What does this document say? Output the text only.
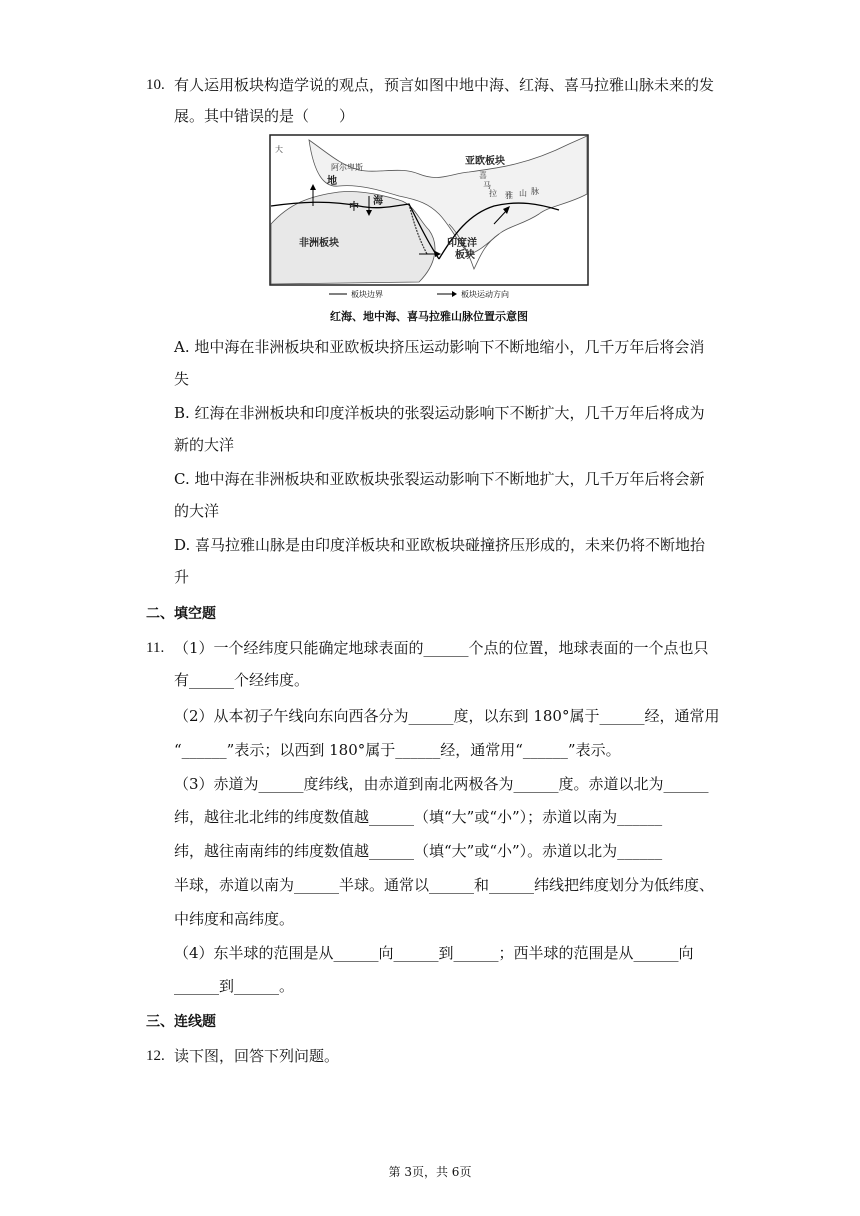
10. 有人运用板块构造学说的观点，预言如图中地中海、红海、喜马拉雅山脉未来的发
展。其中错误的是（　　）
亚欧板块
非洲板块	印度洋
板块
阿尔卑斯
地
中
海
喜
马
拉 雅 山 脉
大
板块边界	板块运动方向
红海、地中海、喜马拉雅山脉位置示意图
A. 地中海在非洲板块和亚欧板块挤压运动影响下不断地缩小，几千万年后将会消
失
B. 红海在非洲板块和印度洋板块的张裂运动影响下不断扩大，几千万年后将成为
新的大洋
C. 地中海在非洲板块和亚欧板块张裂运动影响下不断地扩大，几千万年后将会新
的大洋
D. 喜马拉雅山脉是由印度洋板块和亚欧板块碰撞挤压形成的，未来仍将不断地抬
升
二、填空题
11. （1）一个经纬度只能确定地球表面的______个点的位置，地球表面的一个点也只
有______个经纬度。
（2）从本初子午线向东向西各分为______度，以东到 180°属于______经，通常用
“______”表示；以西到 180°属于______经，通常用“______”表示。
（3）赤道为______度纬线，由赤道到南北两极各为______度。赤道以北为______
纬，越往北北纬的纬度数值越______（填“大”或“小”）；赤道以南为______
纬，越往南南纬的纬度数值越______（填“大”或“小”）。赤道以北为______
半球，赤道以南为______半球。通常以______和______纬线把纬度划分为低纬度、
中纬度和高纬度。
（4）东半球的范围是从______向______到______；西半球的范围是从______向
______到______。
三、连线题
12. 读下图，回答下列问题。
第 3页，共 6页
